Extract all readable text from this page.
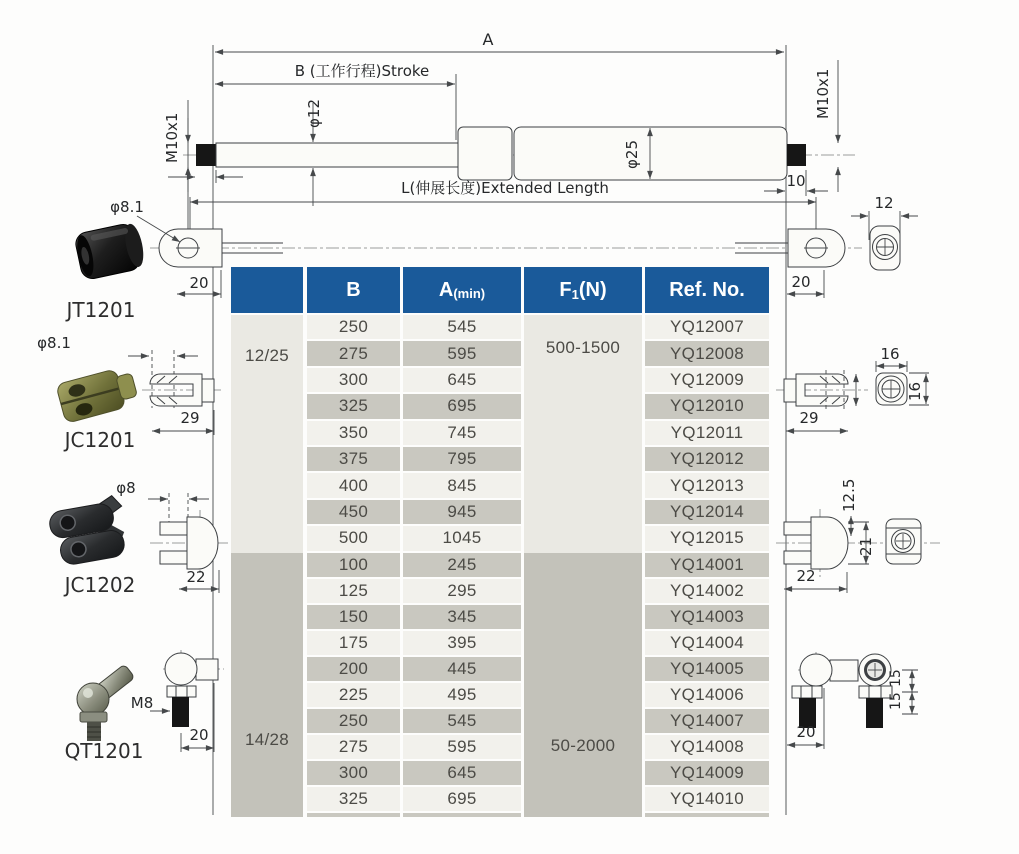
A
B (工作行程)Stroke
φ12
φ25
M10x1
10
M10x1
L(伸展长度)Extended Length
φ8.1
20	20
12
JT1201
φ8.1
29
JC1201
φ8
22
JC1202
M8
20
QT1201
29
16
16
12.5
21
22
20
15
15
B	A (min)	F 1 (N)	Ref. No.
12/25	500-1500
250	545	YQ12007
275	595	YQ12008
300	645	YQ12009
325	695	YQ12010
350	745	YQ12011
375	795	YQ12012
400	845	YQ12013
450	945	YQ12014
500	1045	YQ12015
14/28	50-2000
100	245	YQ14001
125	295	YQ14002
150	345	YQ14003
175	395	YQ14004
200	445	YQ14005
225	495	YQ14006
250	545	YQ14007
275	595	YQ14008
300	645	YQ14009
325	695	YQ14010
